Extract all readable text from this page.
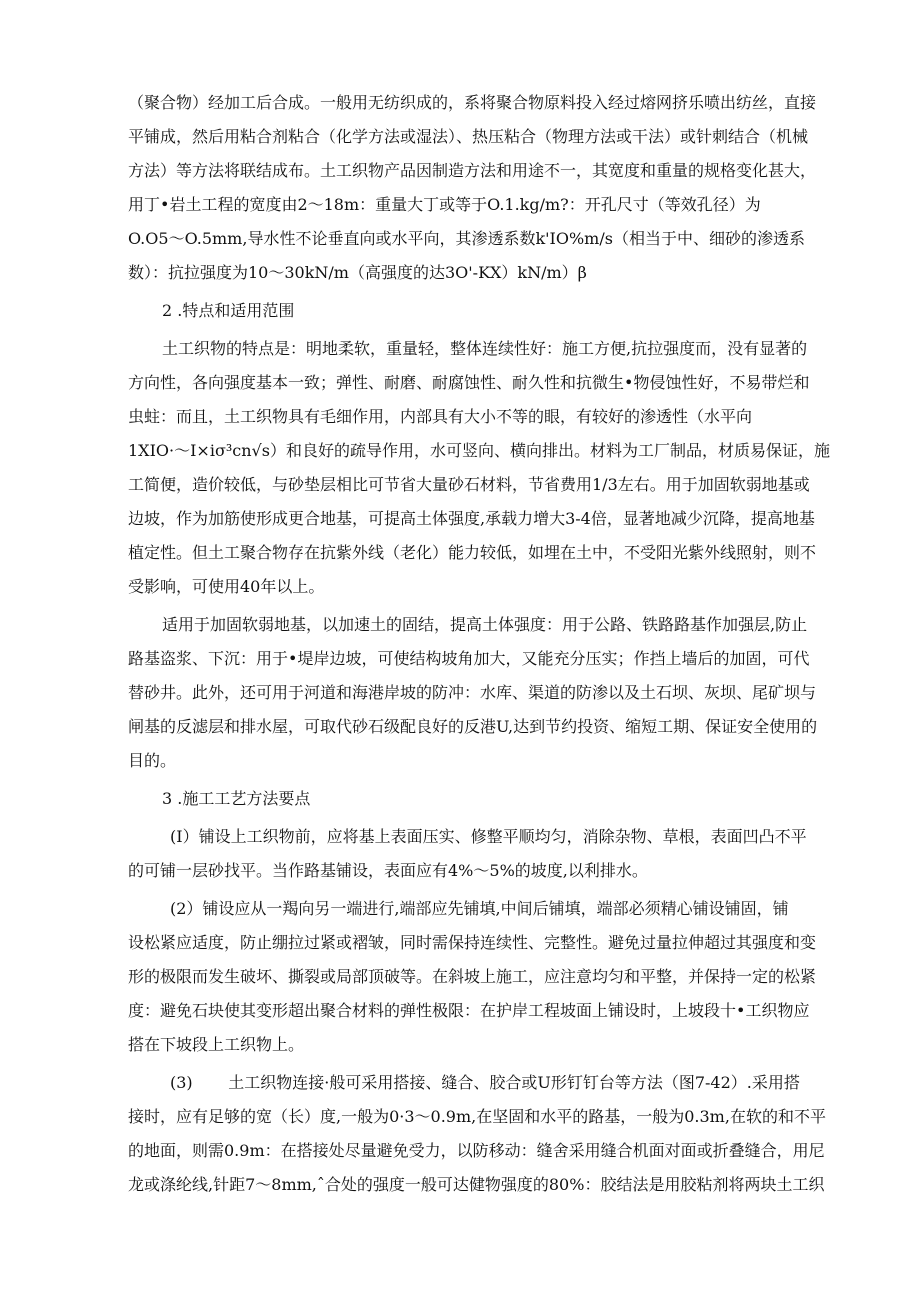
（聚合物）经加工后合成。一般用无纺织成的，系将聚合物原料投入经过熔网挤乐喷出纺丝，直接
平铺成，然后用粘合剂粘合（化学方法或湿法）、热压粘合（物理方法或干法）或针刺结合（机械
方法）等方法将联结成布。土工织物产品因制造方法和用途不一，其宽度和重量的规格变化甚大，
用丁•岩土工程的宽度由2～18m：重量大丁或等于O.1.kg/m?：开孔尺寸（等效孔径）为
O.O5～O.5mm,导水性不论垂直向或水平向，其渗透系数k'IO%m/s（相当于中、细砂的渗透系
数）：抗拉强度为10～30kN/m（高强度的达3O'-KX）kN/m）β
2 .特点和适用范围
土工织物的特点是：明地柔软，重量轻，整体连续性好：施工方便,抗拉强度而，没有显著的
方向性，各向强度基本一致；弹性、耐磨、耐腐蚀性、耐久性和抗微生•物侵蚀性好，不易带烂和
虫蛀：而且，土工织物具有毛细作用，内部具有大小不等的眼，有较好的渗透性（水平向
1XIO·～I×iσ³cn√s）和良好的疏导作用，水可竖向、横向排出。材料为工厂制品，材质易保证，施
工简便，造价较低，与砂垫层相比可节省大量砂石材料，节省费用1/3左右。用于加固软弱地基或
边坡，作为加筋使形成更合地基，可提高土体强度,承载力增大3-4倍，显著地减少沉降，提高地基
植定性。但土工聚合物存在抗紫外线（老化）能力较低，如埋在土中，不受阳光紫外线照射，则不
受影响，可使用40年以上。
适用于加固软弱地基，以加速土的固结，提高土体强度：用于公路、铁路路基作加强层,防止
路基盗浆、下沉：用于•堤岸边坡，可使结构坡角加大，又能充分压实；作挡上墙后的加固，可代
替砂井。此外，还可用于河道和海港岸坡的防冲：水库、渠道的防渗以及土石坝、灰坝、尾矿坝与
闸基的反滤层和排水屋，可取代砂石级配良好的反港U,达到节约投资、缩短工期、保证安全使用的
目的。
3 .施工工艺方法要点
(I）铺设上工织物前，应将基上表面压实、修整平顺均匀，消除杂物、草根，表面凹凸不平
的可铺一层砂找平。当作路基铺设，表面应有4%～5%的坡度,以利排水。
(2）铺设应从一羯向另一端进行,端部应先铺填,中间后铺填，端部必须精心铺设铺固，铺
设松紧应适度，防止绷拉过紧或褶皱，同时需保持连续性、完整性。避免过量拉伸超过其强度和变
形的极限而发生破坏、撕裂或局部顶破等。在斜坡上施工，应注意均匀和平整，并保持一定的松紧
度：避免石块使其变形超出聚合材料的弹性极限：在护岸工程坡面上铺设时，上坡段十•工织物应
搭在下坡段上工织物上。
(3)       土工织物连接·般可采用搭接、缝合、胶合或U形钉钉台等方法（图7-42）.采用搭
接时，应有足够的宽（长）度,一般为0·3～0.9m,在坚固和水平的路基，一般为0.3m,在软的和不平
的地面，则需0.9m：在搭接处尽量避免受力，以防移动：缝舍采用缝合机面对面或折叠缝合，用尼
龙或涤纶线,针距7～8mm,ˆ合处的强度一般可达健物强度的80%：胶结法是用胶粘剂将两块土工织
